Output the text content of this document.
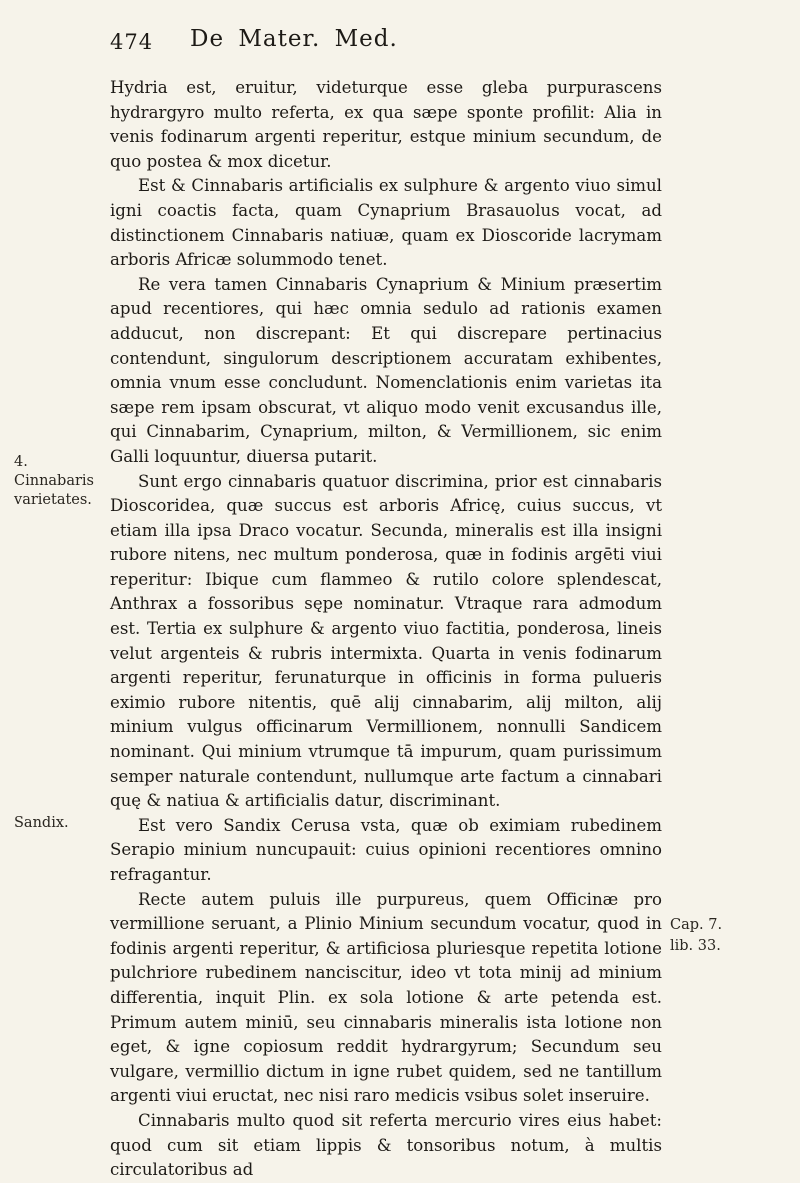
474 De Mater. Med.

Hydria est, eruitur, videturque esse gleba purpurascens hydrargyro multo referta, ex qua sæpe sponte profilit: Alia in venis fodinarum argenti reperitur, estque minium secundum, de quo postea & mox dicetur.

Est & Cinnabaris artificialis ex sulphure & argento viuo simul igni coactis facta, quam Cynaprium Brasauolus vocat, ad distinctionem Cinnabaris natiuæ, quam ex Dioscoride lacrymam arboris Africæ solummodo tenet.

Re vera tamen Cinnabaris Cynaprium & Minium præsertim apud recentiores, qui hæc omnia sedulo ad rationis examen adducut, non discrepant: Et qui discrepare pertinacius contendunt, singulorum descriptionem accuratam exhibentes, omnia vnum esse concludunt. Nomenclationis enim varietas ita sæpe rem ipsam obscurat, vt aliquo modo venit excusandus ille, qui Cinnabarim, Cynaprium, milton, & Vermillionem, sic enim Galli loquuntur, diuersa putarit.

Sunt ergo cinnabaris quatuor discrimina, prior est cinnabaris Dioscoridea, quæ succus est arboris Africę, cuius succus, vt etiam illa ipsa Draco vocatur. Secunda, mineralis est illa insigni rubore nitens, nec multum ponderosa, quæ in fodinis argēti viui reperitur: Ibique cum flammeo & rutilo colore splendescat, Anthrax a fossoribus sępe nominatur. Vtraque rara admodum est. Tertia ex sulphure & argento viuo factitia, ponderosa, lineis velut argenteis & rubris intermixta. Quarta in venis fodinarum argenti reperitur, ferunaturque in officinis in forma pulueris eximio rubore nitentis, quē alij cinnabarim, alij milton, alij minium vulgus officinarum Vermillionem, nonnulli Sandicem nominant. Qui minium vtrumque tā impurum, quam purissimum semper naturale contendunt, nullumque arte factum a cinnabari quę & natiua & artificialis datur, discriminant.

Est vero Sandix Cerusa vsta, quæ ob eximiam rubedinem Serapio minium nuncupauit: cuius opinioni recentiores omnino refragantur.

Recte autem puluis ille purpureus, quem Officinæ pro vermillione seruant, a Plinio Minium secundum vocatur, quod in fodinis argenti reperitur, & artificiosa pluriesque repetita lotione pulchriore rubedinem nanciscitur, ideo vt tota minij ad minium differentia, inquit Plin. ex sola lotione & arte petenda est. Primum autem miniū, seu cinnabaris mineralis ista lotione non eget, & igne copiosum reddit hydrargyrum; Secundum seu vulgare, vermillio dictum in igne rubet quidem, sed ne tantillum argenti viui eructat, nec nisi raro medicis vsibus solet inseruire.

Cinnabaris multo quod sit referta mercurio vires eius habet: quod cum sit etiam lippis & tonsoribus notum, à multis circulatoribus ad

4. Cinnabaris varietates.
Sandix.
Cap. 7.
lib. 33.
